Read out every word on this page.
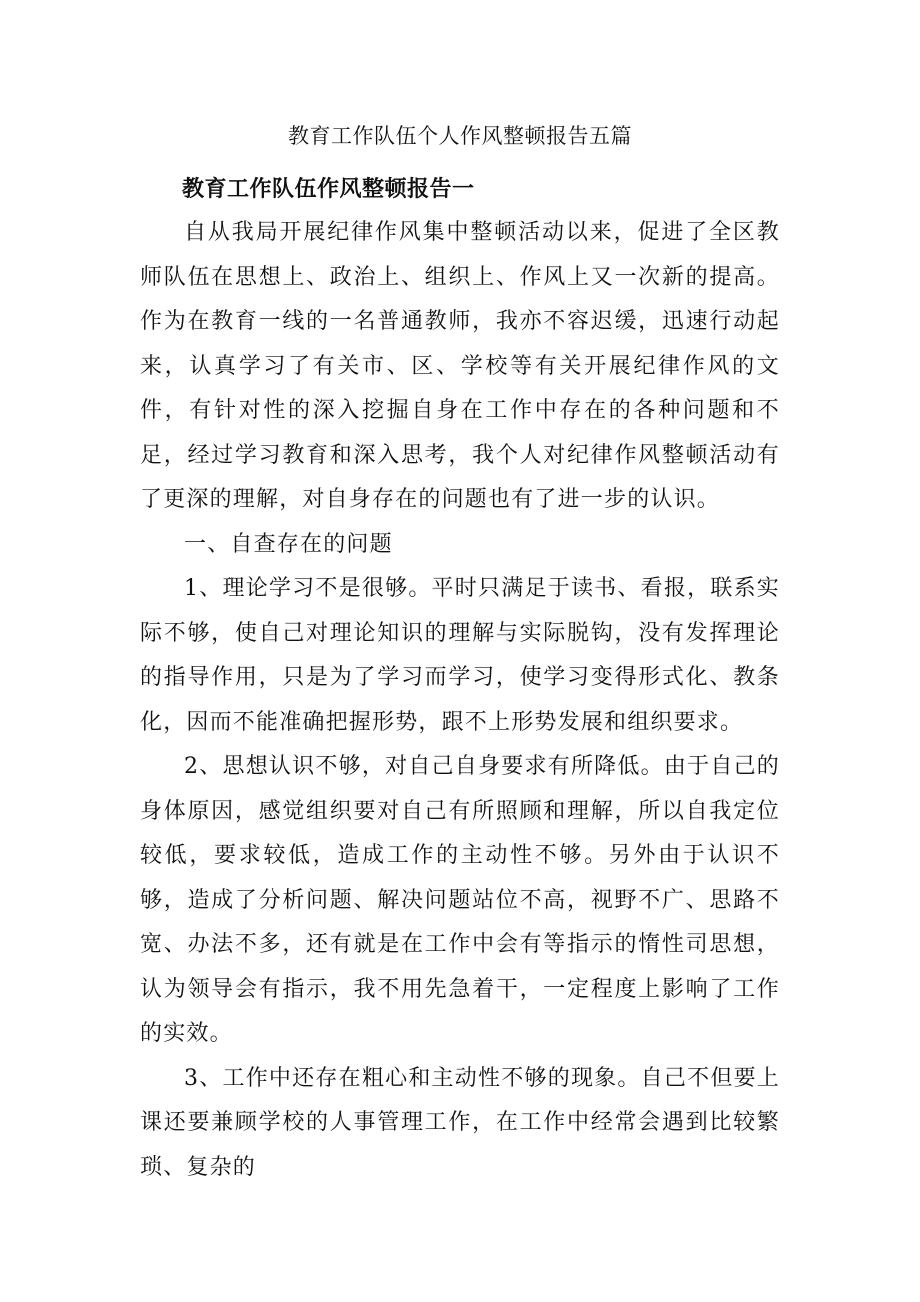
教育工作队伍个人作风整顿报告五篇
教育工作队伍作风整顿报告一

自从我局开展纪律作风集中整顿活动以来，促进了全区教师队伍在思想上、政治上、组织上、作风上又一次新的提高。作为在教育一线的一名普通教师，我亦不容迟缓，迅速行动起来，认真学习了有关市、区、学校等有关开展纪律作风的文件，有针对性的深入挖掘自身在工作中存在的各种问题和不足，经过学习教育和深入思考，我个人对纪律作风整顿活动有了更深的理解，对自身存在的问题也有了进一步的认识。

一、自查存在的问题

1、理论学习不是很够。平时只满足于读书、看报，联系实际不够，使自己对理论知识的理解与实际脱钩，没有发挥理论的指导作用，只是为了学习而学习，使学习变得形式化、教条化，因而不能准确把握形势，跟不上形势发展和组织要求。

2、思想认识不够，对自己自身要求有所降低。由于自己的身体原因，感觉组织要对自己有所照顾和理解，所以自我定位较低，要求较低，造成工作的主动性不够。另外由于认识不够，造成了分析问题、解决问题站位不高，视野不广、思路不宽、办法不多，还有就是在工作中会有等指示的惰性司思想，认为领导会有指示，我不用先急着干，一定程度上影响了工作的实效。

3、工作中还存在粗心和主动性不够的现象。自己不但要上课还要兼顾学校的人事管理工作，在工作中经常会遇到比较繁琐、复杂的
